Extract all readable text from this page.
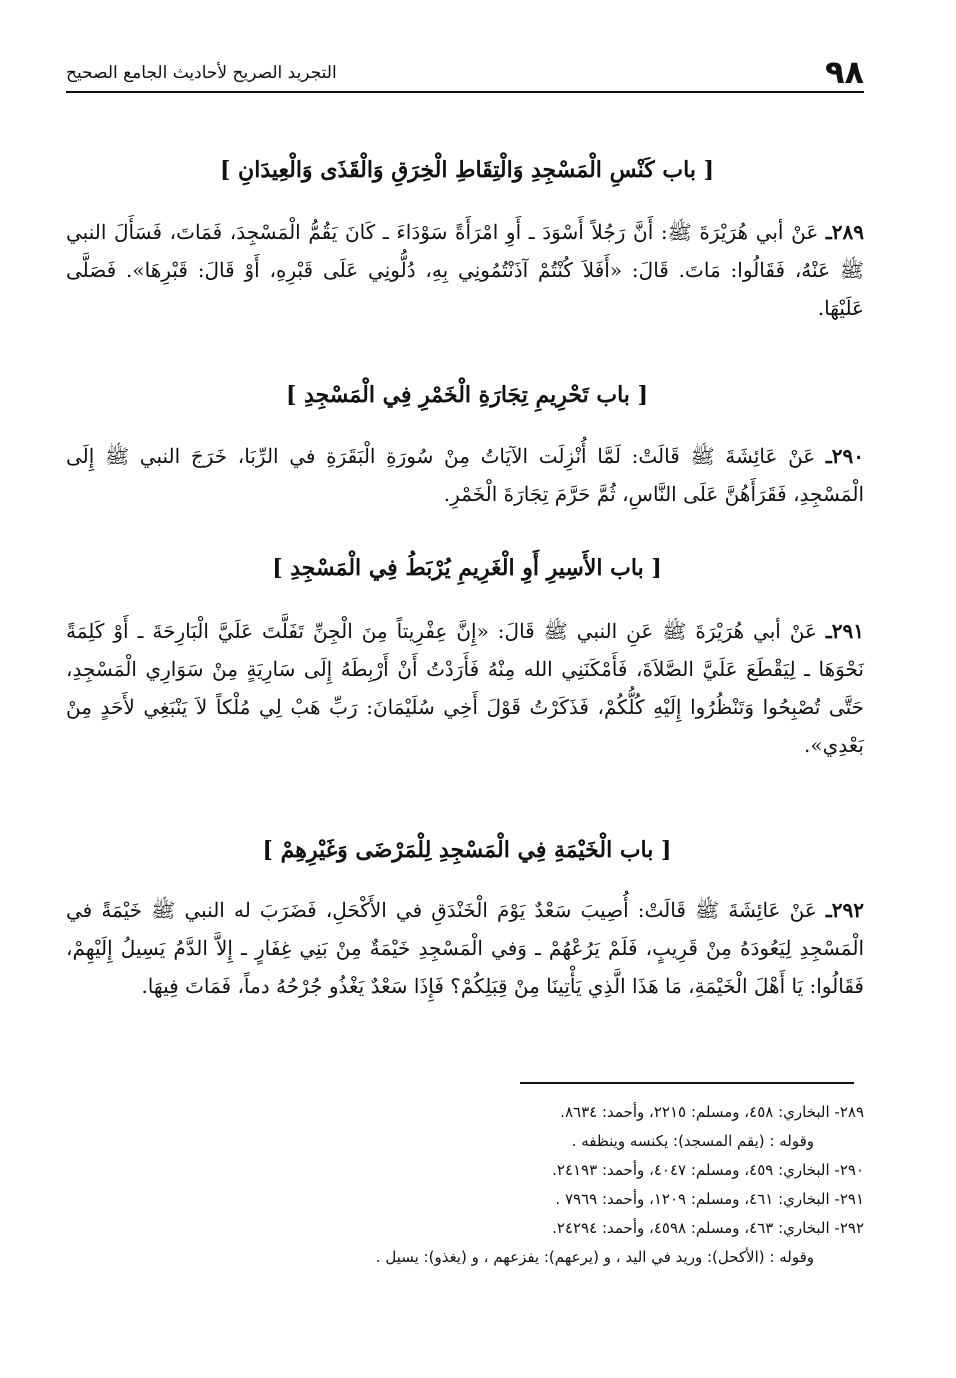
٩٨
التجريد الصريح لأحاديث الجامع الصحيح
[ باب كَنْسِ الْمَسْجِدِ وَالْتِقَاطِ الْخِرَقِ وَالْقَذَى وَالْعِيدَانِ ]
٢٨٩ـ عَنْ أبي هُرَيْرَةَ ﷺ: أَنَّ رَجُلاً أَسْوَدَ ـ أَوِ امْرَأَةً سَوْدَاءَ ـ كَانَ يَقُمُّ الْمَسْجِدَ، فَمَاتَ، فَسَأَلَ النبي ﷺ عَنْهُ، فَقَالُوا: مَاتَ. قَالَ: «أَفَلاَ كُنْتُمْ آذَنْتُمُونِي بِهِ، دُلُّونِي عَلَى قَبْرِهِ، أَوْ قَالَ: قَبْرِهَا». فَصَلَّى عَلَيْهَا.
[ باب تَحْرِيمِ تِجَارَةِ الْخَمْرِ فِي الْمَسْجِدِ ]
٢٩٠ـ عَنْ عَائِشَةَ ﷺ قَالَتْ: لَمَّا أُنْزِلَت الآيَاتُ مِنْ سُورَةِ الْبَقَرَةِ في الرِّبَا، خَرَجَ النبي ﷺ إِلَى الْمَسْجِدِ، فَقَرَأَهُنَّ عَلَى النَّاسِ، ثُمَّ حَرَّمَ تِجَارَةَ الْخَمْرِ.
[ باب الأَسِيرِ أَوِ الْغَرِيمِ يُرْبَطُ فِي الْمَسْجِدِ ]
٢٩١ـ عَنْ أبي هُرَيْرَةَ ﷺ عَنِ النبي ﷺ قَالَ: «إِنَّ عِفْرِيتاً مِنَ الْجِنِّ تَفَلَّتَ عَلَيَّ الْبَارِحَةَ ـ أَوْ كَلِمَةً نَحْوَهَا ـ لِيَقْطَعَ عَلَيَّ الصَّلاَةَ، فَأَمْكَنَنِي الله مِنْهُ فَأَرَدْتُ أَنْ أَرْبِطَهُ إِلَى سَارِيَةٍ مِنْ سَوَارِي الْمَسْجِدِ، حَتَّى تُصْبِحُوا وَتَنْظُرُوا إِلَيْهِ كُلُّكُمْ، فَذَكَرْتُ قَوْلَ أَخِي سُلَيْمَانَ: رَبِّ هَبْ لِي مُلْكاً لاَ يَنْبَغِي لأَحَدٍ مِنْ بَعْدِي».
[ باب الْخَيْمَةِ فِي الْمَسْجِدِ لِلْمَرْضَى وَغَيْرِهِمْ ]
٢٩٢ـ عَنْ عَائِشَةَ ﷺ قَالَتْ: أُصِيبَ سَعْدٌ يَوْمَ الْخَنْدَقِ في الأَكْحَلِ، فَضَرَبَ له النبي ﷺ خَيْمَةً في الْمَسْجِدِ لِيَعُودَهُ مِنْ قَرِيبٍ، فَلَمْ يَرُعْهُمْ ـ وَفي الْمَسْجِدِ خَيْمَةٌ مِنْ بَنِي غِفَارٍ ـ إِلاَّ الدَّمُ يَسِيلُ إِلَيْهِمْ، فَقَالُوا: يَا أَهْلَ الْخَيْمَةِ، مَا هَذَا الَّذِي يَأْتِينَا مِنْ قِبَلِكُمْ؟ فَإِذَا سَعْدٌ يَغْذُو جُرْحُهُ دماً، فَمَاتَ فِيهَا.
٢٨٩- البخاري: ٤٥٨، ومسلم: ٢٢١٥، وأحمد: ٨٦٣٤.
وقوله : (يقم المسجد): يكنسه وينظفه .
٢٩٠- البخاري: ٤٥٩، ومسلم: ٤٠٤٧، وأحمد: ٢٤١٩٣.
٢٩١- البخاري: ٤٦١، ومسلم: ١٢٠٩، وأحمد: ٧٩٦٩ .
٢٩٢- البخاري: ٤٦٣، ومسلم: ٤٥٩٨، وأحمد: ٢٤٢٩٤.
وقوله : (الأكحل): وريد في اليد ، و (يرعهم): يفزعهم ، و (يغذو): يسيل .
